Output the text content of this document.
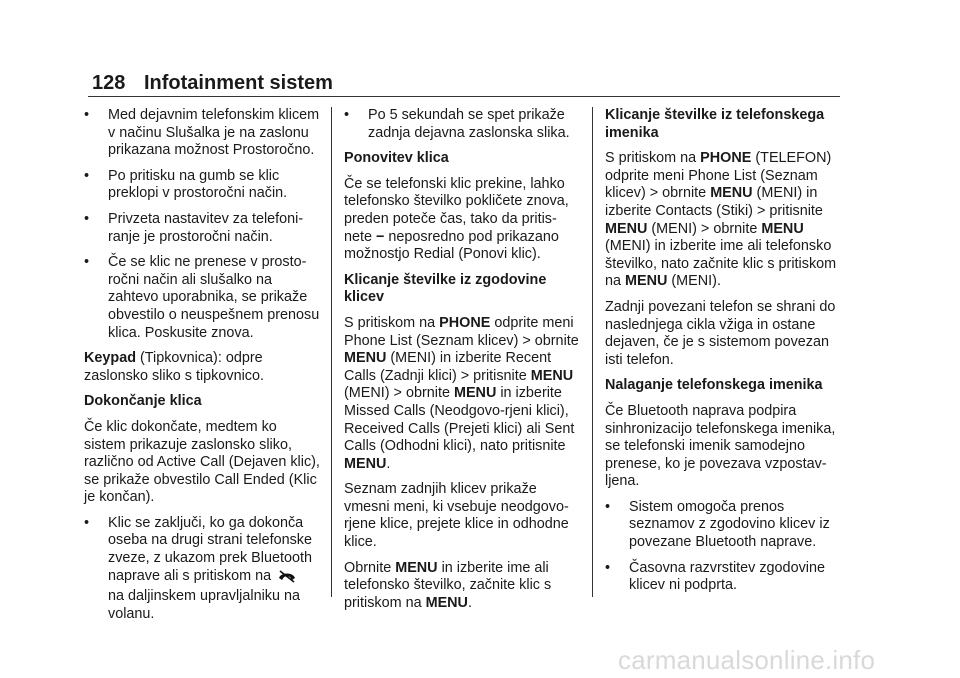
128 Infotainment sistem
•	Med dejavnim telefonskim klicem v načinu Slušalka je na zaslonu prikazana možnost Prostoročno.
•	Po pritisku na gumb se klic preklopi v prostoročni način.
•	Privzeta nastavitev za telefoni-ranje je prostoročni način.
•	Če se klic ne prenese v prosto-ročni način ali slušalko na zahtevo uporabnika, se prikaže obvestilo o neuspešnem prenosu klica. Poskusite znova.

Keypad (Tipkovnica): odpre zaslonsko sliko s tipkovnico.

Dokončanje klica

Če klic dokončate, medtem ko sistem prikazuje zaslonsko sliko, različno od Active Call (Dejaven klic), se prikaže obvestilo Call Ended (Klic je končan).

•	Klic se zaključi, ko ga dokonča oseba na drugi strani telefonske zveze, z ukazom prek Bluetooth naprave ali s pritiskom na
na daljinskem upravljalniku na volanu.
•	Po 5 sekundah se spet prikaže zadnja dejavna zaslonska slika.

Ponovitev klica

Če se telefonski klic prekine, lahko telefonsko številko pokličete znova, preden poteče čas, tako da pritis-nete − neposredno pod prikazano možnostjo Redial (Ponovi klic).

Klicanje številke iz zgodovine klicev

S pritiskom na PHONE odprite meni Phone List (Seznam klicev) > obrnite MENU (MENI) in izberite Recent Calls (Zadnji klici) > pritisnite MENU (MENI) > obrnite MENU in izberite Missed Calls (Neodgovo-rjeni klici), Received Calls (Prejeti klici) ali Sent Calls (Odhodni klici), nato pritisnite MENU.

Seznam zadnjih klicev prikaže vmesni meni, ki vsebuje neodgovo-rjene klice, prejete klice in odhodne klice.

Obrnite MENU in izberite ime ali telefonsko številko, začnite klic s pritiskom na MENU.

Klicanje številke iz telefonskega imenika

S pritiskom na PHONE (TELEFON) odprite meni Phone List (Seznam klicev) > obrnite MENU (MENI) in izberite Contacts (Stiki) > pritisnite MENU (MENI) > obrnite MENU (MENI) in izberite ime ali telefonsko številko, nato začnite klic s pritiskom na MENU (MENI).

Zadnji povezani telefon se shrani do naslednjega cikla vžiga in ostane dejaven, če je s sistemom povezan isti telefon.

Nalaganje telefonskega imenika

Če Bluetooth naprava podpira sinhronizacijo telefonskega imenika, se telefonski imenik samodejno prenese, ko je povezava vzpostav-ljena.

•	Sistem omogoča prenos seznamov z zgodovino klicev iz povezane Bluetooth naprave.
•	Časovna razvrstitev zgodovine klicev ni podprta.
carmanualsonline.info
